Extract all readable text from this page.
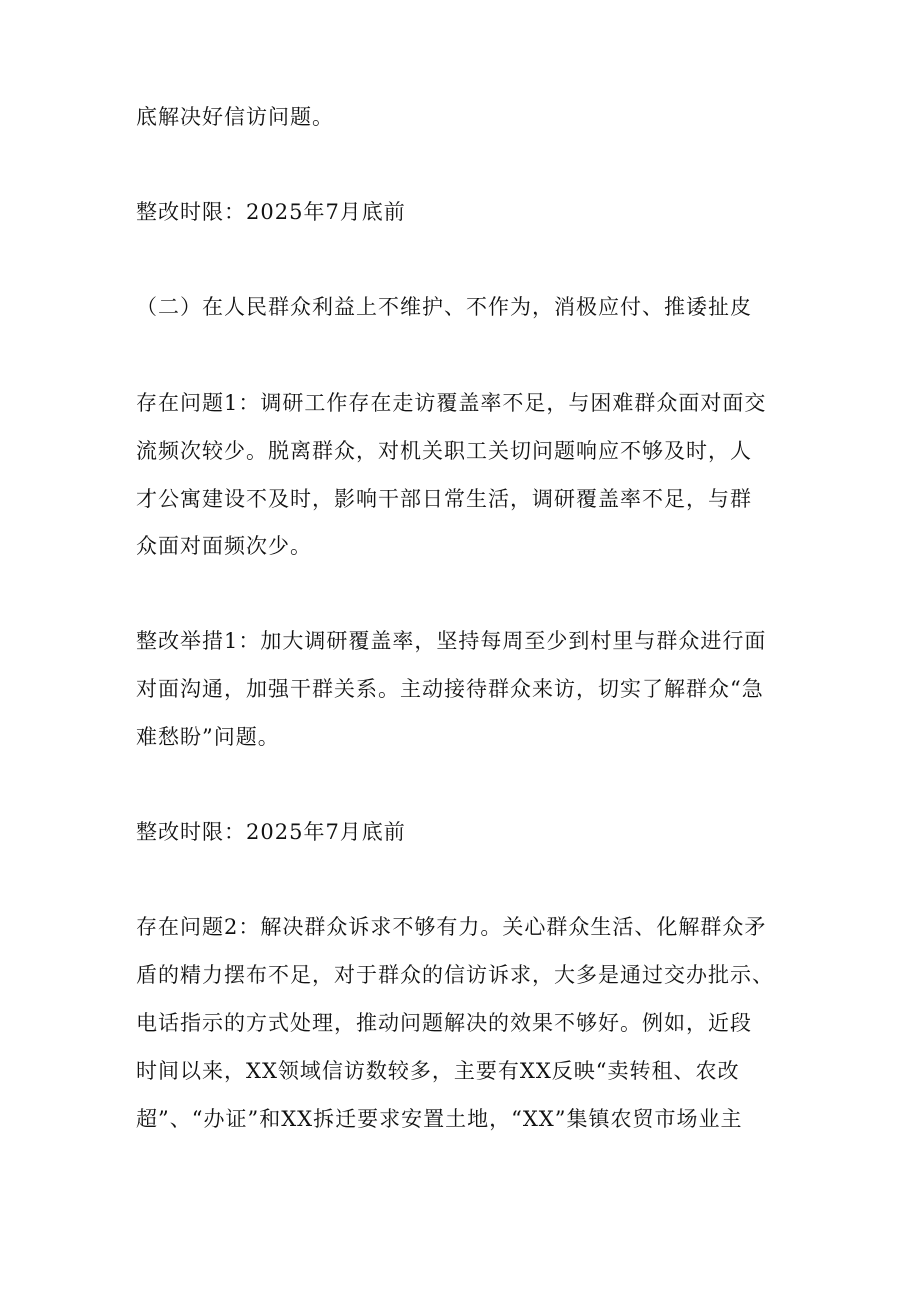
底解决好信访问题。
整改时限：2025年7月底前
（二）在人民群众利益上不维护、不作为，消极应付、推诿扯皮
存在问题1：调研工作存在走访覆盖率不足，与困难群众面对面交
流频次较少。脱离群众，对机关职工关切问题响应不够及时，人
才公寓建设不及时，影响干部日常生活，调研覆盖率不足，与群
众面对面频次少。
整改举措1：加大调研覆盖率，坚持每周至少到村里与群众进行面
对面沟通，加强干群关系。主动接待群众来访，切实了解群众“急
难愁盼”问题。
整改时限：2025年7月底前
存在问题2：解决群众诉求不够有力。关心群众生活、化解群众矛
盾的精力摆布不足，对于群众的信访诉求，大多是通过交办批示、
电话指示的方式处理，推动问题解决的效果不够好。例如，近段
时间以来，XX领域信访数较多，主要有XX反映“卖转租、农改
超”、“办证”和XX拆迁要求安置土地，“XX”集镇农贸市场业主
